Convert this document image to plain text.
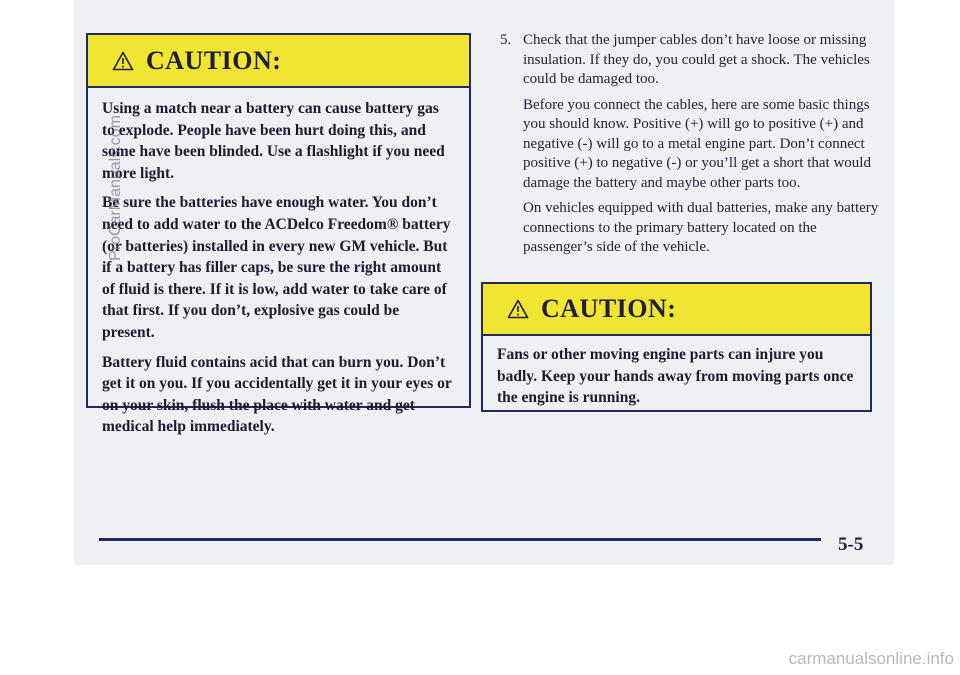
CAUTION:

Using a match near a battery can cause battery gas to explode. People have been hurt doing this, and some have been blinded. Use a flashlight if you need more light.

Be sure the batteries have enough water. You don’t need to add water to the ACDelco Freedom® battery (or batteries) installed in every new GM vehicle. But if a battery has filler caps, be sure the right amount of fluid is there. If it is low, add water to take care of that first. If you don’t, explosive gas could be present.

Battery fluid contains acid that can burn you. Don’t get it on you. If you accidentally get it in your eyes or on your skin, flush the place with water and get medical help immediately.

5. Check that the jumper cables don’t have loose or missing insulation. If they do, you could get a shock. The vehicles could be damaged too.

Before you connect the cables, here are some basic things you should know. Positive (+) will go to positive (+) and negative (-) will go to a metal engine part. Don’t connect positive (+) to negative (-) or you’ll get a short that would damage the battery and maybe other parts too.

On vehicles equipped with dual batteries, make any battery connections to the primary battery located on the passenger’s side of the vehicle.

CAUTION:

Fans or other moving engine parts can injure you badly. Keep your hands away from moving parts once the engine is running.

5-5
ProCarManuals.com
carmanualsonline.info
